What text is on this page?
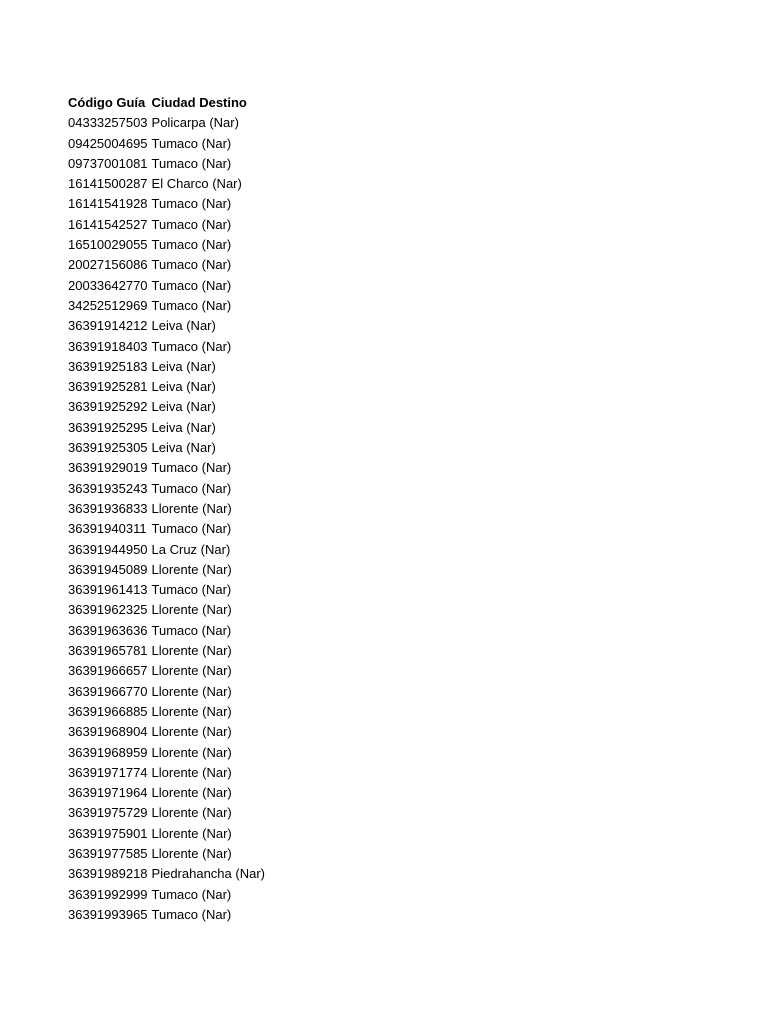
Código Guía	Ciudad Destino
04333257503	Policarpa (Nar)
09425004695	Tumaco (Nar)
09737001081	Tumaco (Nar)
16141500287	El Charco (Nar)
16141541928	Tumaco (Nar)
16141542527	Tumaco (Nar)
16510029055	Tumaco (Nar)
20027156086	Tumaco (Nar)
20033642770	Tumaco (Nar)
34252512969	Tumaco (Nar)
36391914212	Leiva (Nar)
36391918403	Tumaco (Nar)
36391925183	Leiva (Nar)
36391925281	Leiva (Nar)
36391925292	Leiva (Nar)
36391925295	Leiva (Nar)
36391925305	Leiva (Nar)
36391929019	Tumaco (Nar)
36391935243	Tumaco (Nar)
36391936833	Llorente (Nar)
36391940311	Tumaco (Nar)
36391944950	La Cruz (Nar)
36391945089	Llorente (Nar)
36391961413	Tumaco (Nar)
36391962325	Llorente (Nar)
36391963636	Tumaco (Nar)
36391965781	Llorente (Nar)
36391966657	Llorente (Nar)
36391966770	Llorente (Nar)
36391966885	Llorente (Nar)
36391968904	Llorente (Nar)
36391968959	Llorente (Nar)
36391971774	Llorente (Nar)
36391971964	Llorente (Nar)
36391975729	Llorente (Nar)
36391975901	Llorente (Nar)
36391977585	Llorente (Nar)
36391989218	Piedrahancha (Nar)
36391992999	Tumaco (Nar)
36391993965	Tumaco (Nar)
